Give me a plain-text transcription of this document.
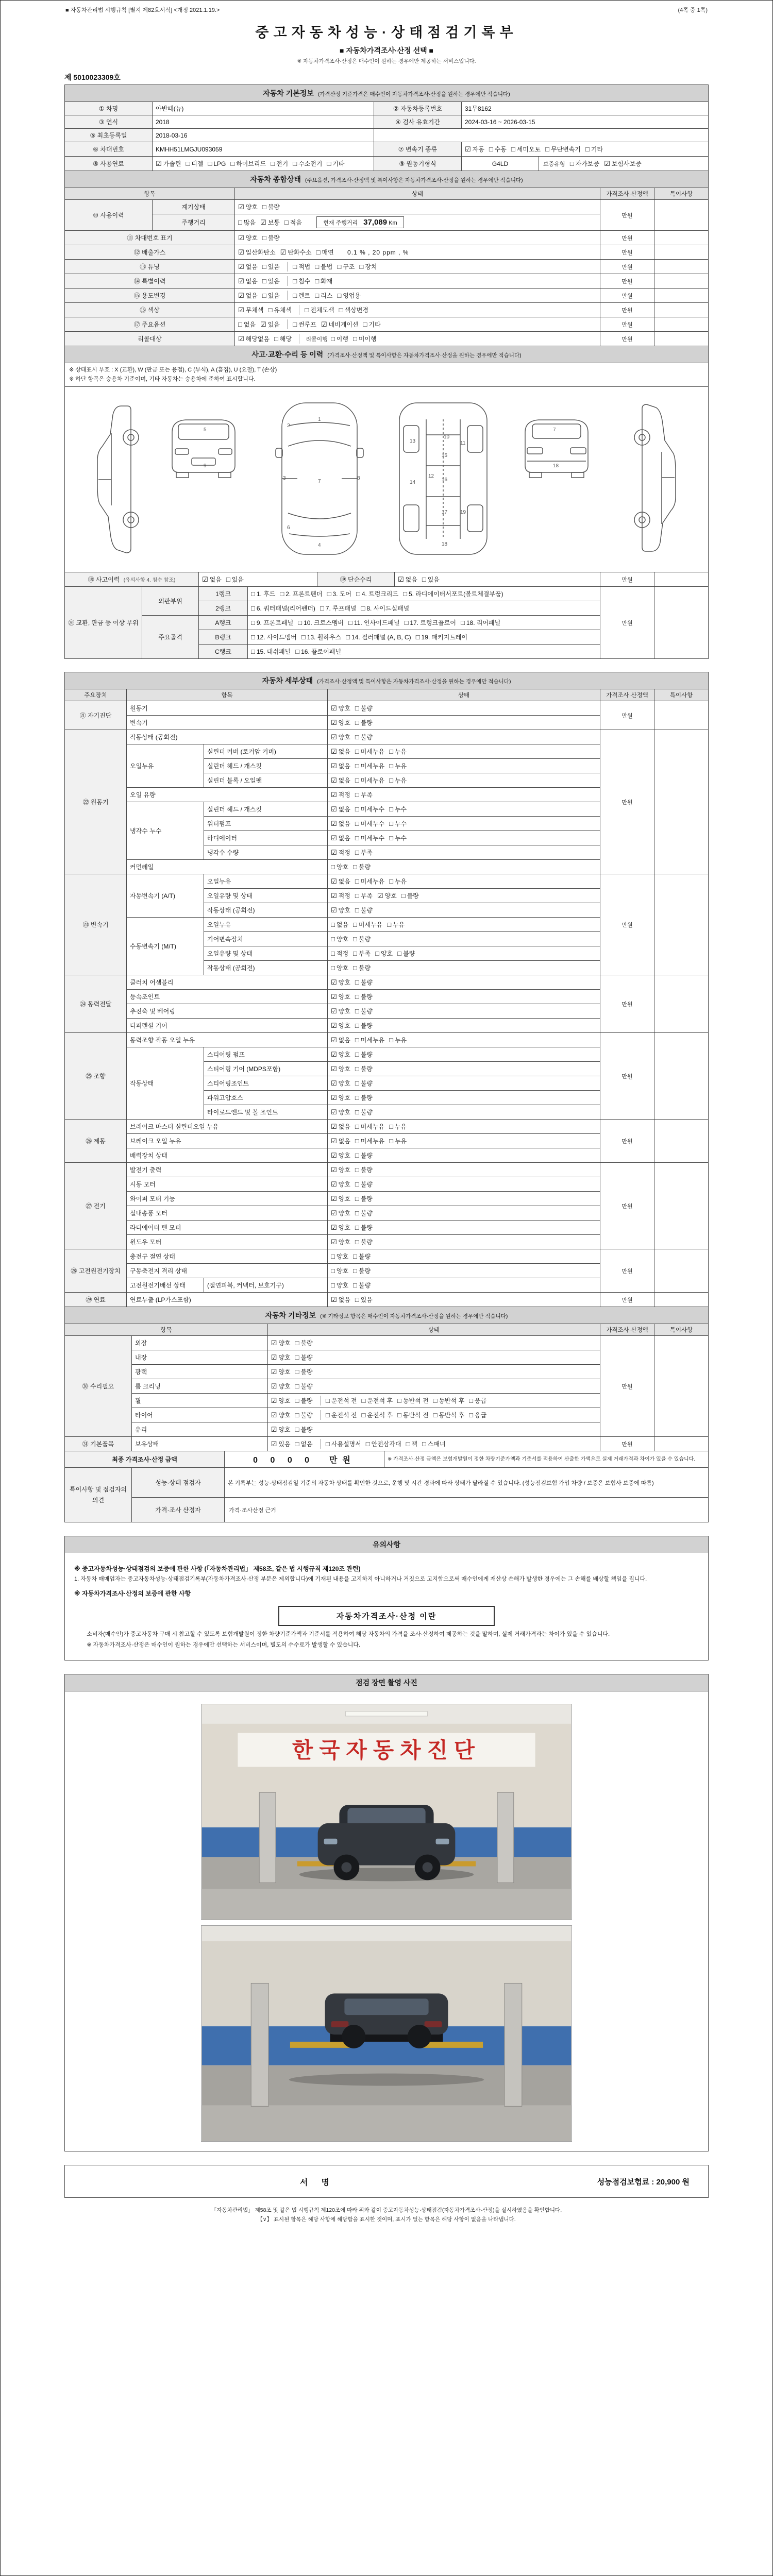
■ 자동차관리법 시행규칙 [별지 제82호서식] <개정 2021.1.19.>	(4쪽 중 1쪽)
중고자동차성능·상태점검기록부
■ 자동차가격조사·산정 선택 ■
※ 자동차가격조사·산정은 매수인이 원하는 경우에만 제공하는 서비스입니다.
제 5010023309호
자동차 기본정보 (가격산정 기준가격은 매수인이 자동차가격조사·산정을 원하는 경우에만 적습니다)				
① 차명	아반떼(뉴)	② 자동차등록번호	31무8162	
③ 연식	2018	④ 검사 유효기간	2024-03-16 ~ 2026-03-15	
⑤ 최초등록일	2018-03-16			
⑥ 차대번호	KMHH51LMGJU093059	⑦ 변속기 종류	☑ 자동 □ 수동 □ 세미오토 □ 무단변속기 □ 기타	
⑧ 사용연료	☑ 가솔린 □ 디젤 □ LPG □ 하이브리드 □ 전기 □ 수소전기 □ 기타	⑨ 원동기형식	G4LD	보증유형 □ 자가보증 ☑ 보험사보증
자동차 종합상태 (주요옵션, 가격조사·산정액 및 특이사항은 자동차가격조사·산정을 원하는 경우에만 적습니다)				
항목		상태	가격조사·산정액	특이사항
⑩ 사용이력	계기상태	☑ 양호 □ 불량	만원	
	주행거리	□ 많음 ☑ 보통 □ 적음 현재 주행거리 37,089 Km		
⑪ 차대번호 표기		☑ 양호 □ 불량	만원	
⑫ 배출가스		☑ 일산화탄소 ☑ 탄화수소 □ 매연 0.1 % , 20 ppm , %	만원	
⑬ 튜닝		☑ 없음 □ 있음 □ 적법 □ 불법 □ 구조 □ 장치	만원	
⑭ 특별이력		☑ 없음 □ 있음 □ 침수 □ 화재	만원	
⑮ 용도변경		☑ 없음 □ 있음 □ 렌트 □ 리스 □ 영업용	만원	
⑯ 색상		☑ 무채색 □ 유채색 □ 전체도색 □ 색상변경	만원	
⑰ 주요옵션		□ 없음 ☑ 있음 □ 썬루프 ☑ 네비게이션 □ 기타	만원	
리콜대상		☑ 해당없음 □ 해당 리콜이행 □ 이행 □ 미이행	만원	
사고·교환·수리 등 이력 (가격조사·산정액 및 특이사항은 자동차가격조사·산정을 원하는 경우에만 적습니다)

※ 상태표시 부호 : X (교환), W (판금 또는 용접), C (부식), A (흠집), U (요철), T (손상)
※ 하단 항목은 승용차 기준이며, 기타 자동차는 승용차에 준하여 표시합니다.

5
9
1
2
3
7
6
8
4
10
11
12
13
14
15
16
17
18
19
7
18

⑱ 사고이력 (유의사항 4. 침수 참조)	☑ 없음 □ 있음	⑲ 단순수리	☑ 없음 □ 있음	만원	
⑳ 교환, 판금 등 이상 부위	외판부위	1랭크	□ 1. 후드 □ 2. 프론트펜더 □ 3. 도어 □ 4. 트렁크리드 □ 5. 라디에이터서포트(볼트체결부품)	만원	
		2랭크	□ 6. 쿼터패널(리어펜더) □ 7. 루프패널 □ 8. 사이드실패널		
	주요골격	A랭크	□ 9. 프론트패널 □ 10. 크로스멤버 □ 11. 인사이드패널 □ 17. 트렁크플로어 □ 18. 리어패널		
		B랭크	□ 12. 사이드멤버 □ 13. 휠하우스 □ 14. 필러패널 (A, B, C) □ 19. 패키지트레이		
		C랭크	□ 15. 대쉬패널 □ 16. 플로어패널		
자동차 세부상태 (가격조사·산정액 및 특이사항은 자동차가격조사·산정을 원하는 경우에만 적습니다)					
주요장치	항목		상태	가격조사·산정액	특이사항
㉑ 자기진단	원동기		☑ 양호 □ 불량	만원	
	변속기		☑ 양호 □ 불량		
㉒ 원동기	작동상태 (공회전)		☑ 양호 □ 불량	만원	
	오일누유	실린더 커버 (로커암 커버)	☑ 없음 □ 미세누유 □ 누유		
		실린더 헤드 / 개스킷	☑ 없음 □ 미세누유 □ 누유		
		실린더 블록 / 오일팬	☑ 없음 □ 미세누유 □ 누유		
	오일 유량		☑ 적정 □ 부족		
	냉각수 누수	실린더 헤드 / 개스킷	☑ 없음 □ 미세누수 □ 누수		
		워터펌프	☑ 없음 □ 미세누수 □ 누수		
		라디에이터	☑ 없음 □ 미세누수 □ 누수		
		냉각수 수량	☑ 적정 □ 부족		
	커먼레일		□ 양호 □ 불량		
㉓ 변속기	자동변속기 (A/T)	오일누유	☑ 없음 □ 미세누유 □ 누유	만원	
		오일유량 및 상태	☑ 적정 □ 부족 ☑ 양호 □ 불량		
		작동상태 (공회전)	☑ 양호 □ 불량		
	수동변속기 (M/T)	오일누유	□ 없음 □ 미세누유 □ 누유		
		기어변속장치	□ 양호 □ 불량		
		오일유량 및 상태	□ 적정 □ 부족 □ 양호 □ 불량		
		작동상태 (공회전)	□ 양호 □ 불량		
㉔ 동력전달	클러치 어셈블리		☑ 양호 □ 불량	만원	
	등속조인트		☑ 양호 □ 불량		
	추진축 및 베어링		☑ 양호 □ 불량		
	디퍼렌셜 기어		☑ 양호 □ 불량		
㉕ 조향	동력조향 작동 오일 누유		☑ 없음 □ 미세누유 □ 누유	만원	
	작동상태	스티어링 펌프	☑ 양호 □ 불량		
		스티어링 기어 (MDPS포함)	☑ 양호 □ 불량		
		스티어링조인트	☑ 양호 □ 불량		
		파워고압호스	☑ 양호 □ 불량		
		타이로드엔드 및 볼 조인트	☑ 양호 □ 불량		
㉖ 제동	브레이크 마스터 실린더오일 누유		☑ 없음 □ 미세누유 □ 누유	만원	
	브레이크 오일 누유		☑ 없음 □ 미세누유 □ 누유		
	배력장치 상태		☑ 양호 □ 불량		
㉗ 전기	발전기 출력		☑ 양호 □ 불량	만원	
	시동 모터		☑ 양호 □ 불량		
	와이퍼 모터 기능		☑ 양호 □ 불량		
	실내송풍 모터		☑ 양호 □ 불량		
	라디에이터 팬 모터		☑ 양호 □ 불량		
	윈도우 모터		☑ 양호 □ 불량		
㉘ 고전원전기장치	충전구 절연 상태		□ 양호 □ 불량	만원	
	구동축전지 격리 상태		□ 양호 □ 불량		
	고전원전기배선 상태	(절연피복, 커넥터, 보호기구)	□ 양호 □ 불량		
㉙ 연료	연료누출 (LP가스포함)		☑ 없음 □ 있음	만원	
자동차 기타정보 (※ 기타정보 항목은 매수인이 자동차가격조사·산정을 원하는 경우에만 적습니다)				
항목		상태	가격조사·산정액	특이사항
㉚ 수리필요	외장	☑ 양호 □ 불량	만원	
	내장	☑ 양호 □ 불량		
	광택	☑ 양호 □ 불량		
	룸 크리닝	☑ 양호 □ 불량		
	휠	☑ 양호 □ 불량 □ 운전석 전 □ 운전석 후 □ 동반석 전 □ 동반석 후 □ 응급		
	타이어	☑ 양호 □ 불량 □ 운전석 전 □ 운전석 후 □ 동반석 전 □ 동반석 후 □ 응급		
	유리	☑ 양호 □ 불량		
㉛ 기본품목	보유상태	☑ 있음 □ 없음 □ 사용설명서 □ 안전삼각대 □ 잭 □ 스패너	만원	
최종 가격조사·산정 금액	0 0 0 0 만원	※ 가격조사·산정 금액은 보험개발원이 정한 차량기준가액과 기준서를 적용하여 산출한 가액으로 실제 거래가격과 차이가 있을 수 있습니다.
특이사항 및 점검자의 의견	성능·상태 점검자	본 기록부는 성능·상태점검일 기준의 자동차 상태를 확인한 것으로, 운행 및 시간 경과에 따라 상태가 달라질 수 있습니다. (성능점검보험 가입 차량 / 보증은 보험사 보증에 따름)
	가격·조사 산정자	가격·조사산정 근거
유의사항
※ 중고자동차성능·상태점검의 보증에 관한 사항 (「자동차관리법」 제58조, 같은 법 시행규칙 제120조 관련)
1. 자동차 매매업자는 중고자동차성능·상태점검기록부(자동차가격조사·산정 부분은 제외합니다)에 기재된 내용을 고지하지 아니하거나 거짓으로 고지함으로써 매수인에게 재산상 손해가 발생한 경우에는 그 손해를 배상할 책임을 집니다.
※ 자동차가격조사·산정의 보증에 관한 사항
자동차가격조사·산정 이란
소비자(매수인)가 중고자동차 구매 시 참고할 수 있도록 보험개발원이 정한 차량기준가액과 기준서를 적용하여 해당 자동차의 가격을 조사·산정하여 제공하는 것을 말하며, 실제 거래가격과는 차이가 있을 수 있습니다.
※ 자동차가격조사·산정은 매수인이 원하는 경우에만 선택하는 서비스이며, 별도의 수수료가 발생할 수 있습니다.
점검 장면 촬영 사진
한국자동차진단
서명	성능점검보험료 : 20,900 원
「자동차관리법」 제58조 및 같은 법 시행규칙 제120조에 따라 위와 같이 중고자동차성능·상태점검(자동차가격조사·산정)을 실시하였음을 확인합니다.
【∨】 표시된 항목은 해당 사항에 해당함을 표시한 것이며, 표시가 없는 항목은 해당 사항이 없음을 나타냅니다.
